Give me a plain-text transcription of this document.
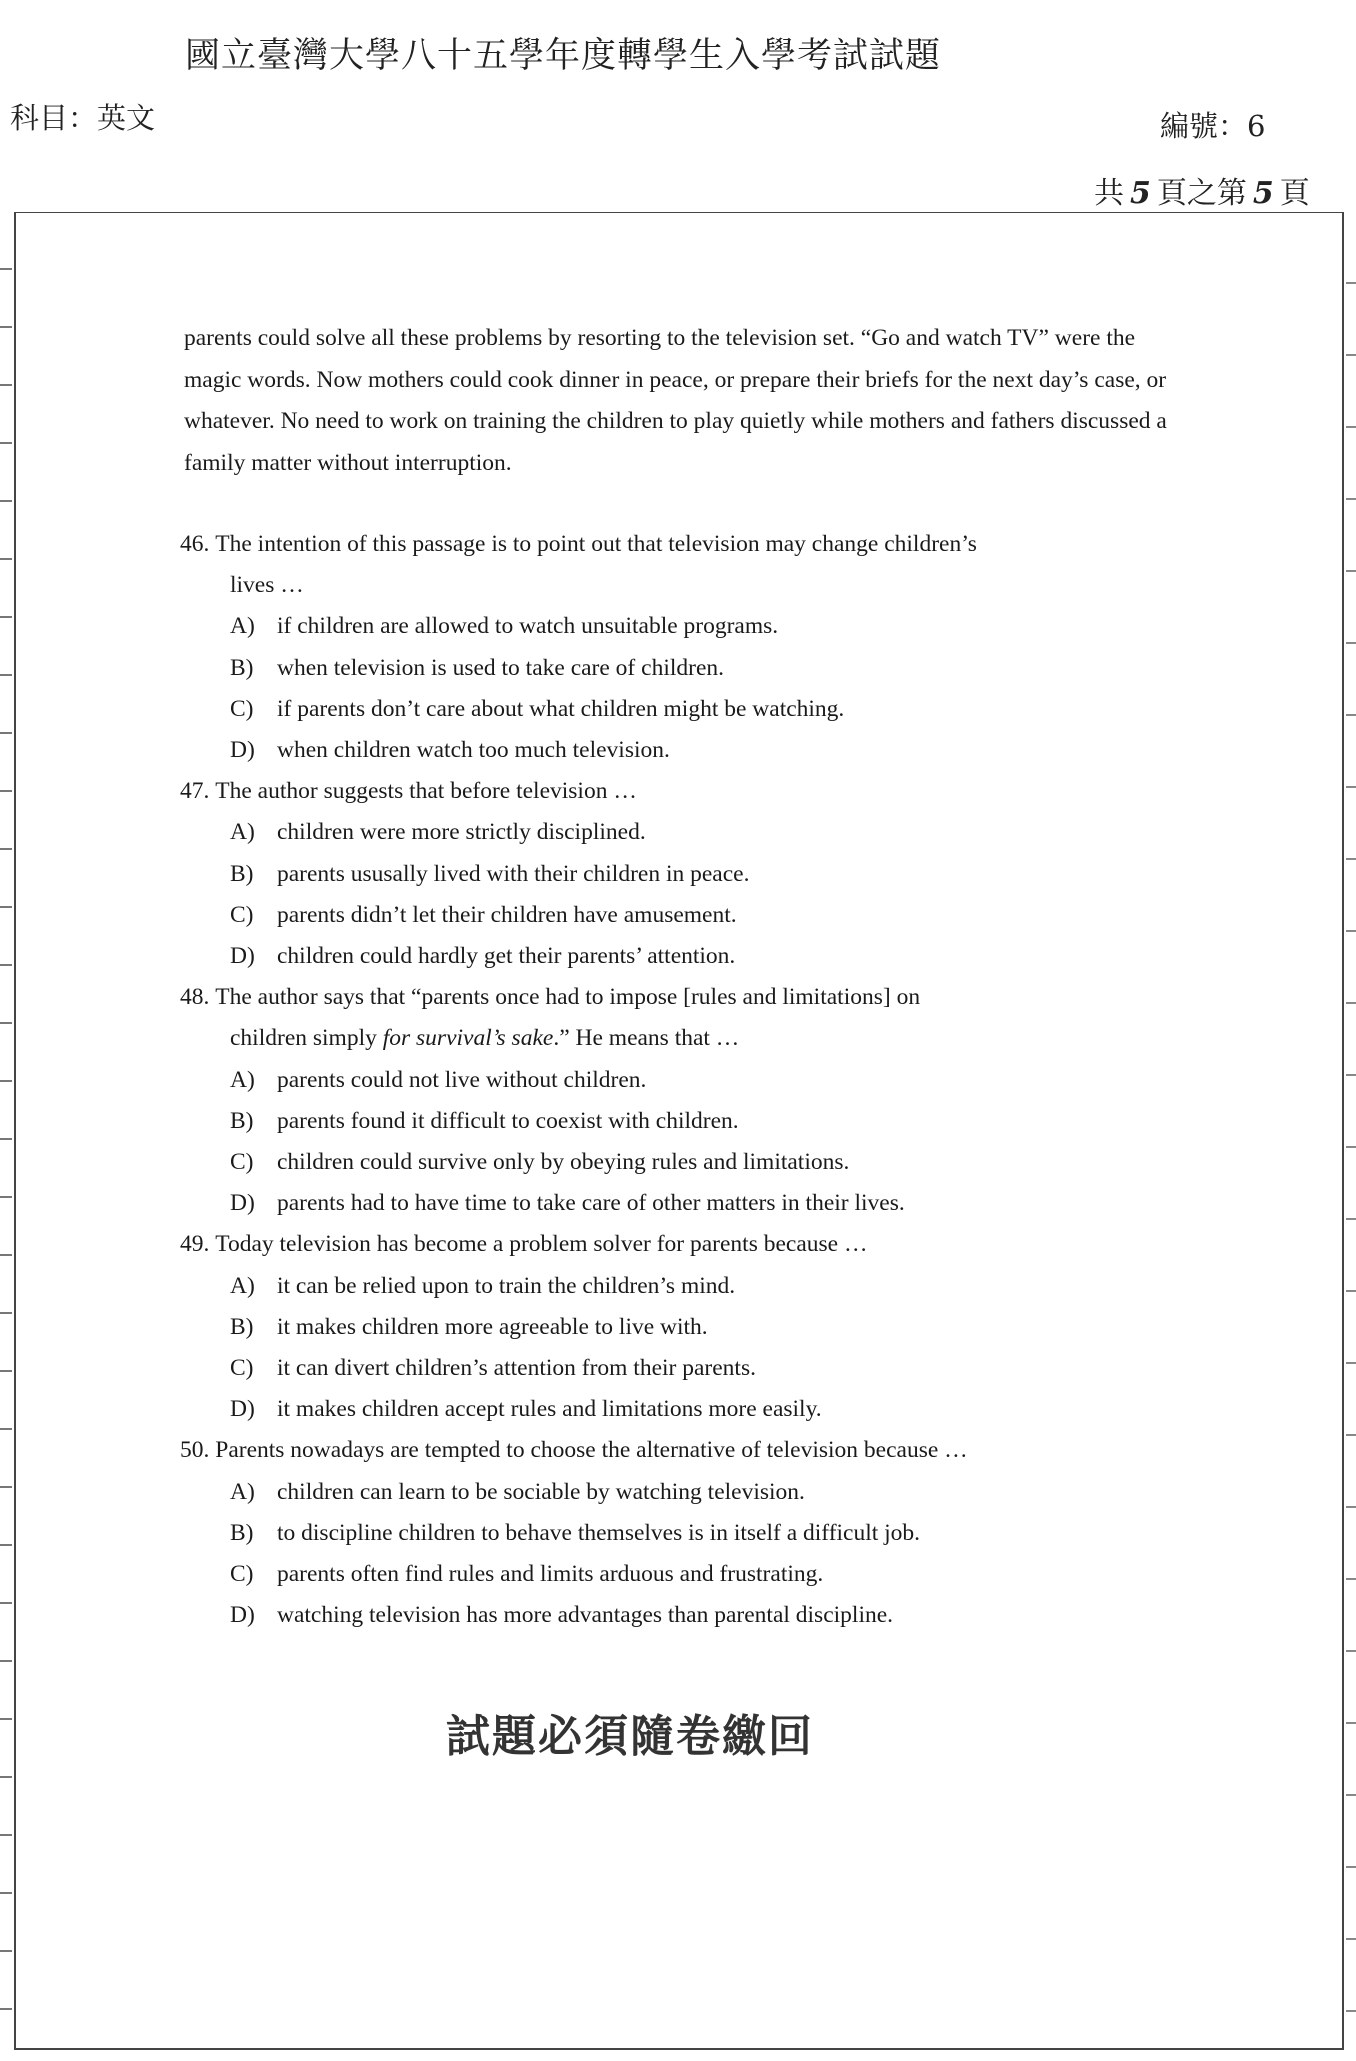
國立臺灣大學八十五學年度轉學生入學考試試題
科目：英文	編號：6
共 5 頁之第 5 頁
parents could solve all these problems by resorting to the television set. “Go and watch TV” were the magic words. Now mothers could cook dinner in peace, or prepare their briefs for the next day’s case, or whatever. No need to work on training the children to play quietly while mothers and fathers discussed a family matter without interruption.
46. The intention of this passage is to point out that television may change children’s
lives …
A) if children are allowed to watch unsuitable programs.
B) when television is used to take care of children.
C) if parents don’t care about what children might be watching.
D) when children watch too much television.
47. The author suggests that before television …
A) children were more strictly disciplined.
B) parents ususally lived with their children in peace.
C) parents didn’t let their children have amusement.
D) children could hardly get their parents’ attention.
48. The author says that “parents once had to impose [rules and limitations] on
children simply for survival’s sake.” He means that …
A) parents could not live without children.
B) parents found it difficult to coexist with children.
C) children could survive only by obeying rules and limitations.
D) parents had to have time to take care of other matters in their lives.
49. Today television has become a problem solver for parents because …
A) it can be relied upon to train the children’s mind.
B) it makes children more agreeable to live with.
C) it can divert children’s attention from their parents.
D) it makes children accept rules and limitations more easily.
50. Parents nowadays are tempted to choose the alternative of television because …
A) children can learn to be sociable by watching television.
B) to discipline children to behave themselves is in itself a difficult job.
C) parents often find rules and limits arduous and frustrating.
D) watching television has more advantages than parental discipline.
試題必須隨卷繳回
